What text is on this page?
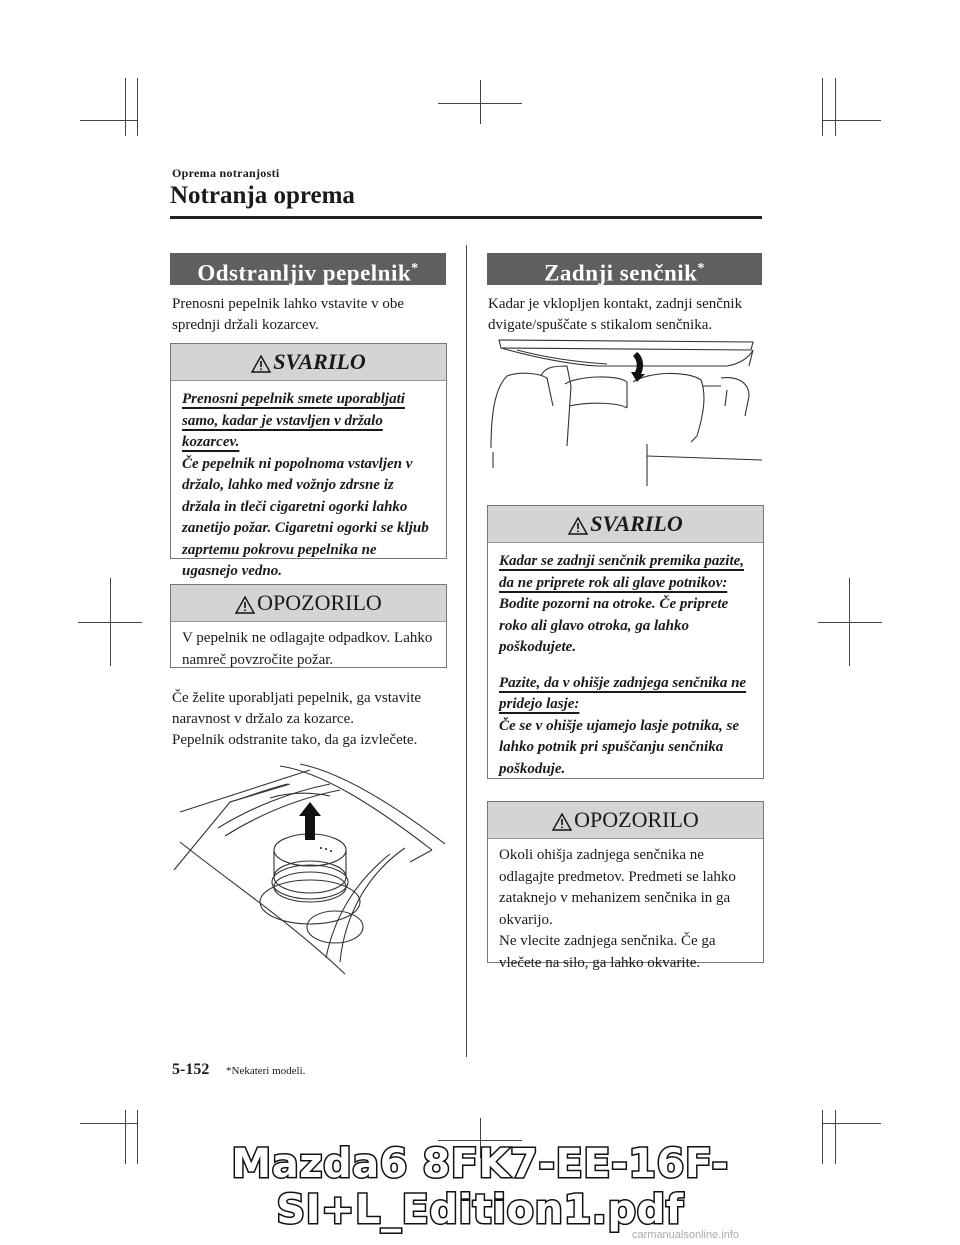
Oprema notranjosti
Notranja oprema
Odstranljiv pepelnik*
Prenosni pepelnik lahko vstavite v obe sprednji držali kozarcev.
SVARILO
Prenosni pepelnik smete uporabljati samo, kadar je vstavljen v držalo kozarcev.
Če pepelnik ni popolnoma vstavljen v držalo, lahko med vožnjo zdrsne iz držala in tleči cigaretni ogorki lahko zanetijo požar. Cigaretni ogorki se kljub zaprtemu pokrovu pepelnika ne ugasnejo vedno.
OPOZORILO
V pepelnik ne odlagajte odpadkov. Lahko namreč povzročite požar.
Če želite uporabljati pepelnik, ga vstavite naravnost v držalo za kozarce.
Pepelnik odstranite tako, da ga izvlečete.
Zadnji senčnik*
Kadar je vklopljen kontakt, zadnji senčnik dvigate/spuščate s stikalom senčnika.
SVARILO
Kadar se zadnji senčnik premika pazite, da ne priprete rok ali glave potnikov:
Bodite pozorni na otroke. Če priprete roko ali glavo otroka, ga lahko poškodujete.
Pazite, da v ohišje zadnjega senčnika ne pridejo lasje:
Če se v ohišje ujamejo lasje potnika, se lahko potnik pri spuščanju senčnika poškoduje.
OPOZORILO
Okoli ohišja zadnjega senčnika ne odlagajte predmetov. Predmeti se lahko zataknejo v mehanizem senčnika in ga okvarijo.
Ne vlecite zadnjega senčnika. Če ga vlečete na silo, ga lahko okvarite.
5-152 *Nekateri modeli.
Mazda6 8FK7-EE-16F-SI+L_Edition1.pdf
carmanualsonline.info
